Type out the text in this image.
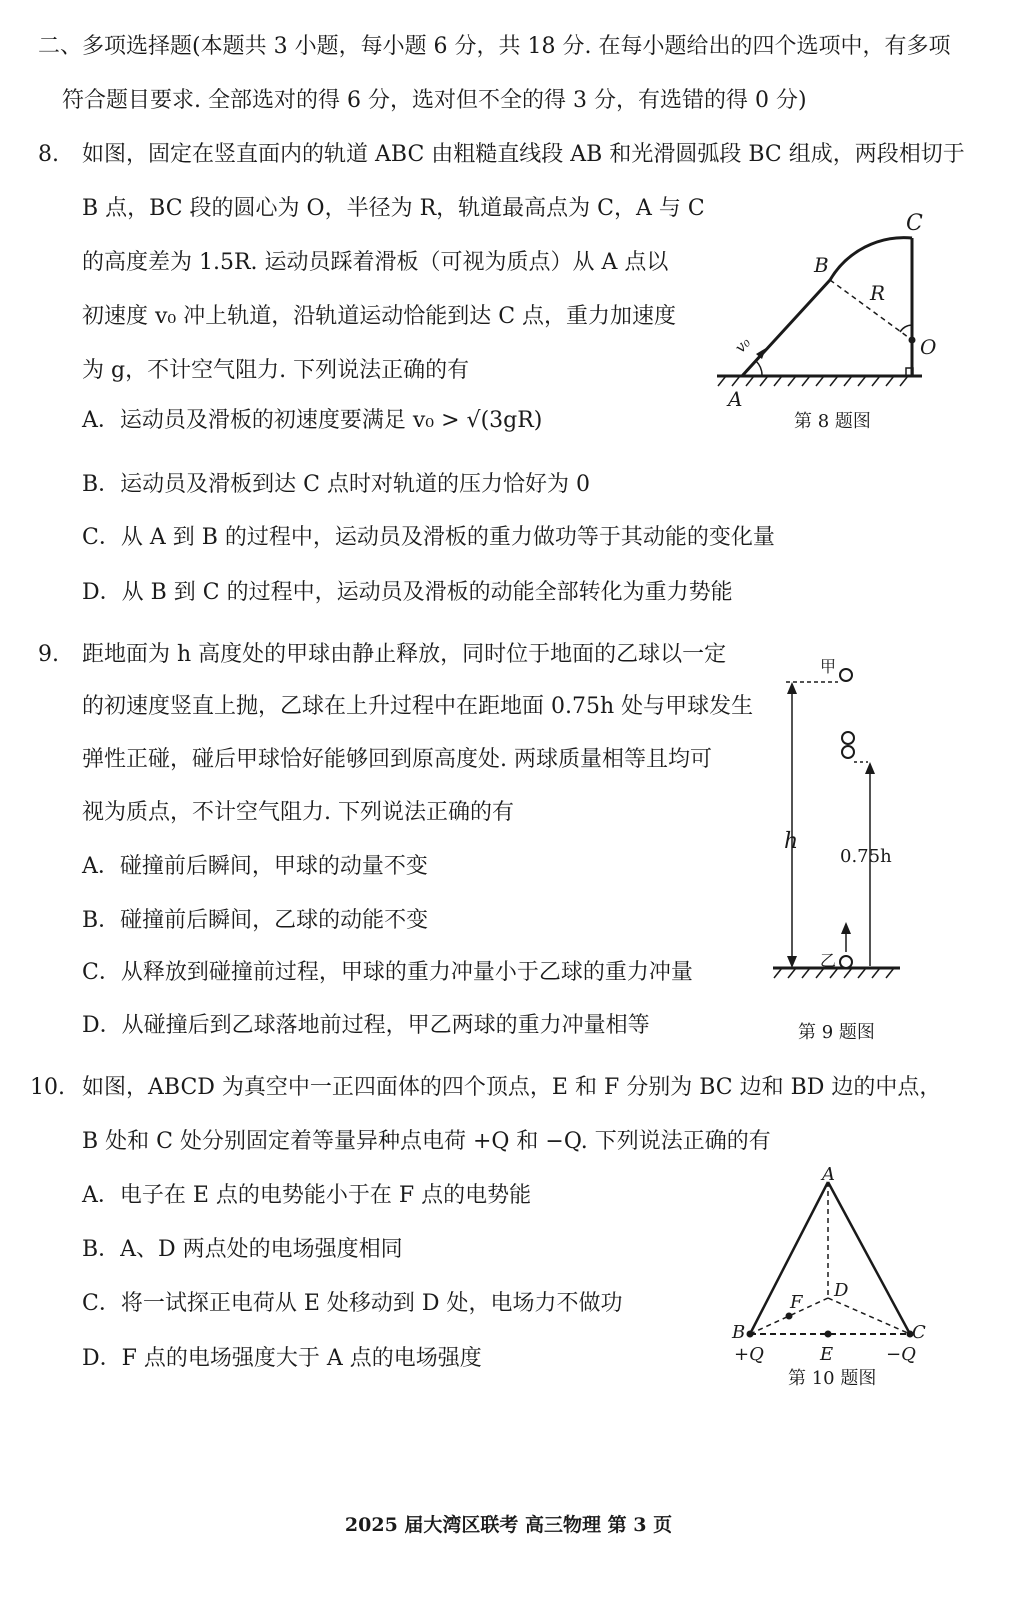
二、多项选择题(本题共 3 小题，每小题 6 分，共 18 分. 在每小题给出的四个选项中，有多项
符合题目要求. 全部选对的得 6 分，选对但不全的得 3 分，有选错的得 0 分)
8. 如图，固定在竖直面内的轨道 ABC 由粗糙直线段 AB 和光滑圆弧段 BC 组成，两段相切于
B 点，BC 段的圆心为 O，半径为 R，轨道最高点为 C，A 与 C
的高度差为 1.5R. 运动员踩着滑板（可视为质点）从 A 点以
初速度 v₀ 冲上轨道，沿轨道运动恰能到达 C 点，重力加速度
为 g，不计空气阻力. 下列说法正确的有
A．运动员及滑板的初速度要满足 v₀ > √(3gR)
B．运动员及滑板到达 C 点时对轨道的压力恰好为 0
C．从 A 到 B 的过程中，运动员及滑板的重力做功等于其动能的变化量
D．从 B 到 C 的过程中，运动员及滑板的动能全部转化为重力势能
v₀
A
B
C
O
R
第 8 题图
9. 距地面为 h 高度处的甲球由静止释放，同时位于地面的乙球以一定
的初速度竖直上抛，乙球在上升过程中在距地面 0.75h 处与甲球发生
弹性正碰，碰后甲球恰好能够回到原高度处. 两球质量相等且均可
视为质点，不计空气阻力. 下列说法正确的有
A．碰撞前后瞬间，甲球的动量不变
B．碰撞前后瞬间，乙球的动能不变
C．从释放到碰撞前过程，甲球的重力冲量小于乙球的重力冲量
D．从碰撞后到乙球落地前过程，甲乙两球的重力冲量相等
甲
h
0.75h
乙
第 9 题图
10. 如图，ABCD 为真空中一正四面体的四个顶点，E 和 F 分别为 BC 边和 BD 边的中点，
B 处和 C 处分别固定着等量异种点电荷 +Q 和 −Q. 下列说法正确的有
A．电子在 E 点的电势能小于在 F 点的电势能
B．A、D 两点处的电场强度相同
C．将一试探正电荷从 E 处移动到 D 处，电场力不做功
D．F 点的电场强度大于 A 点的电场强度
A
D
F
B	C
E
+Q	−Q
第 10 题图
2025 届大湾区联考 高三物理 第 3 页
